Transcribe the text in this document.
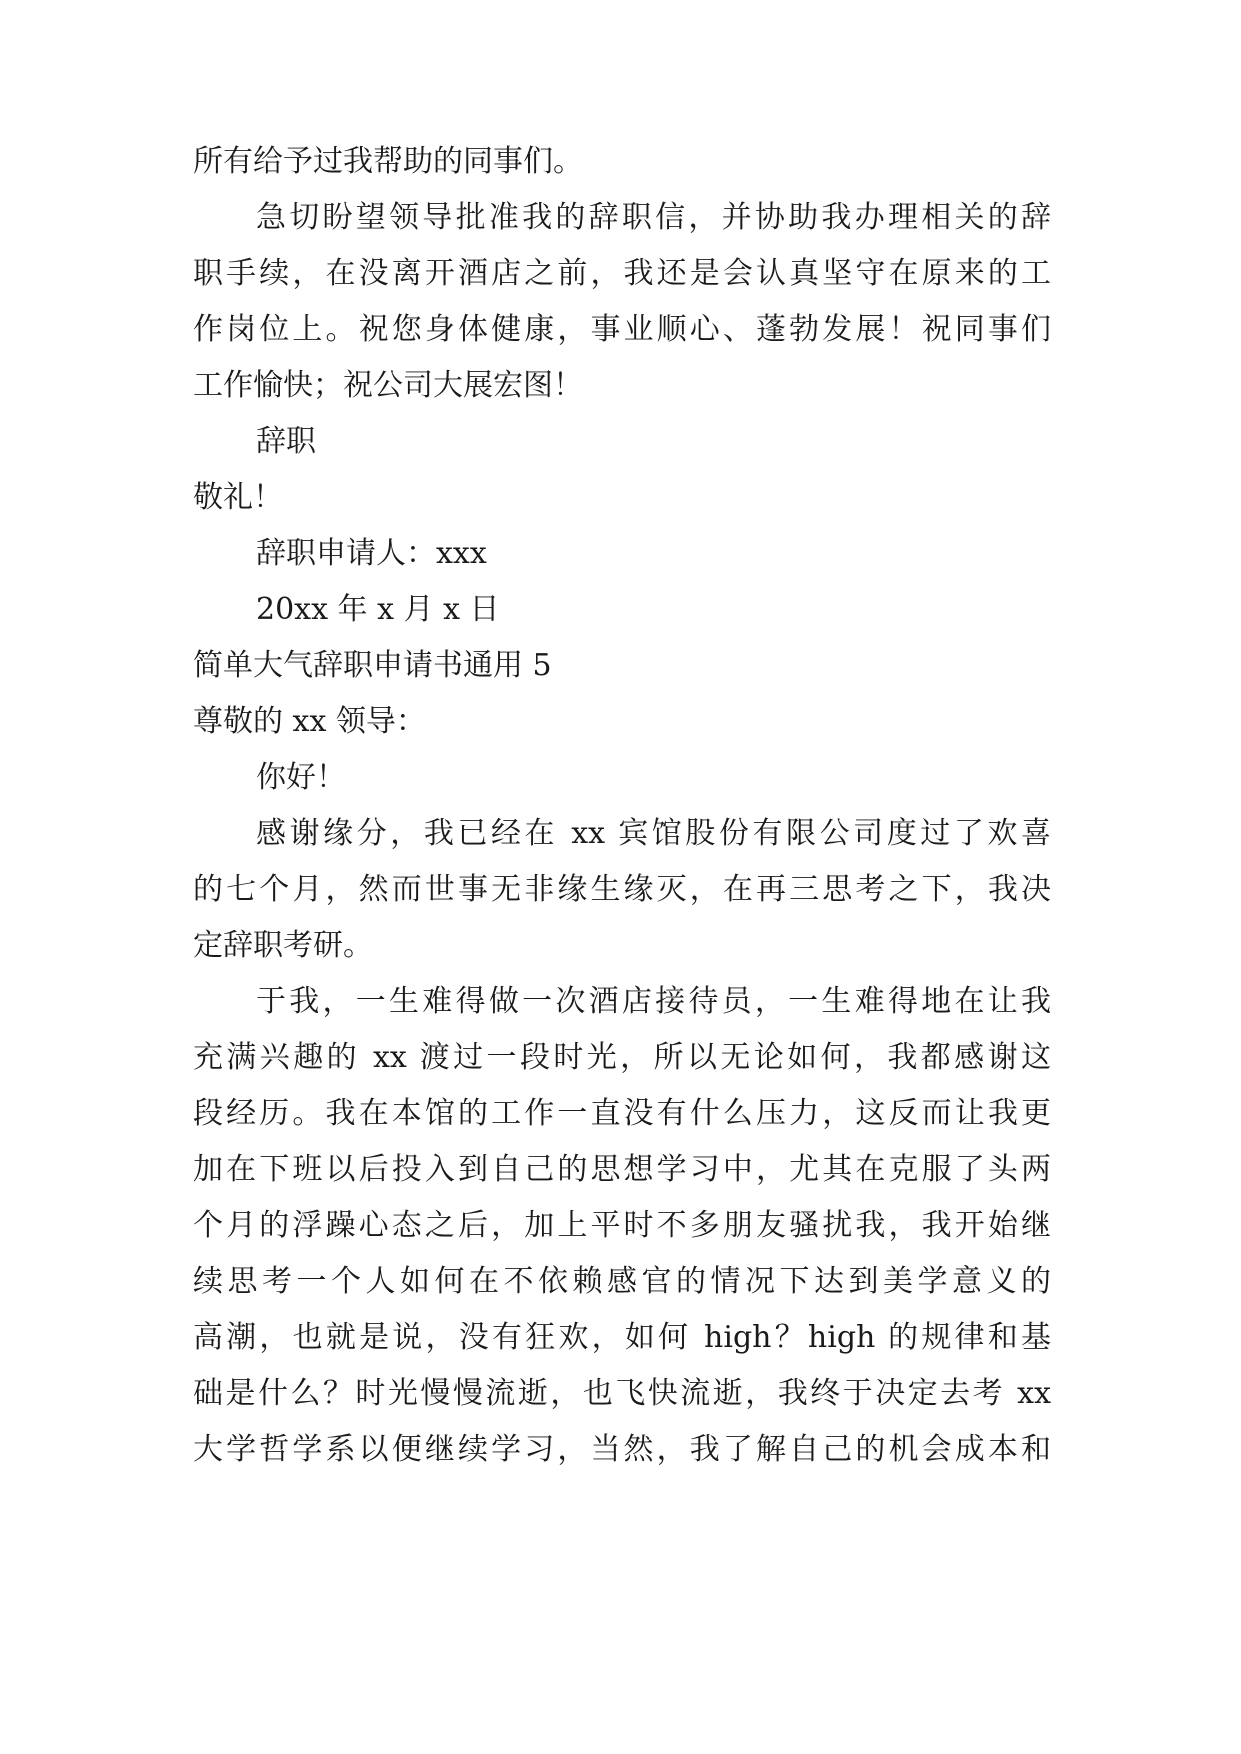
所有给予过我帮助的同事们。
急切盼望领导批准我的辞职信，并协助我办理相关的辞
职手续，在没离开酒店之前，我还是会认真坚守在原来的工
作岗位上。祝您身体健康，事业顺心、蓬勃发展！祝同事们
工作愉快；祝公司大展宏图！
辞职
敬礼！
辞职申请人：xxx
20xx 年 x 月 x 日
简单大气辞职申请书通用 5
尊敬的 xx 领导：
你好！
感谢缘分，我已经在 xx 宾馆股份有限公司度过了欢喜
的七个月，然而世事无非缘生缘灭，在再三思考之下，我决
定辞职考研。
于我，一生难得做一次酒店接待员，一生难得地在让我
充满兴趣的 xx 渡过一段时光，所以无论如何，我都感谢这
段经历。我在本馆的工作一直没有什么压力，这反而让我更
加在下班以后投入到自己的思想学习中，尤其在克服了头两
个月的浮躁心态之后，加上平时不多朋友骚扰我，我开始继
续思考一个人如何在不依赖感官的情况下达到美学意义的
高潮，也就是说，没有狂欢，如何 high？high 的规律和基
础是什么？时光慢慢流逝，也飞快流逝，我终于决定去考 xx
大学哲学系以便继续学习，当然，我了解自己的机会成本和
